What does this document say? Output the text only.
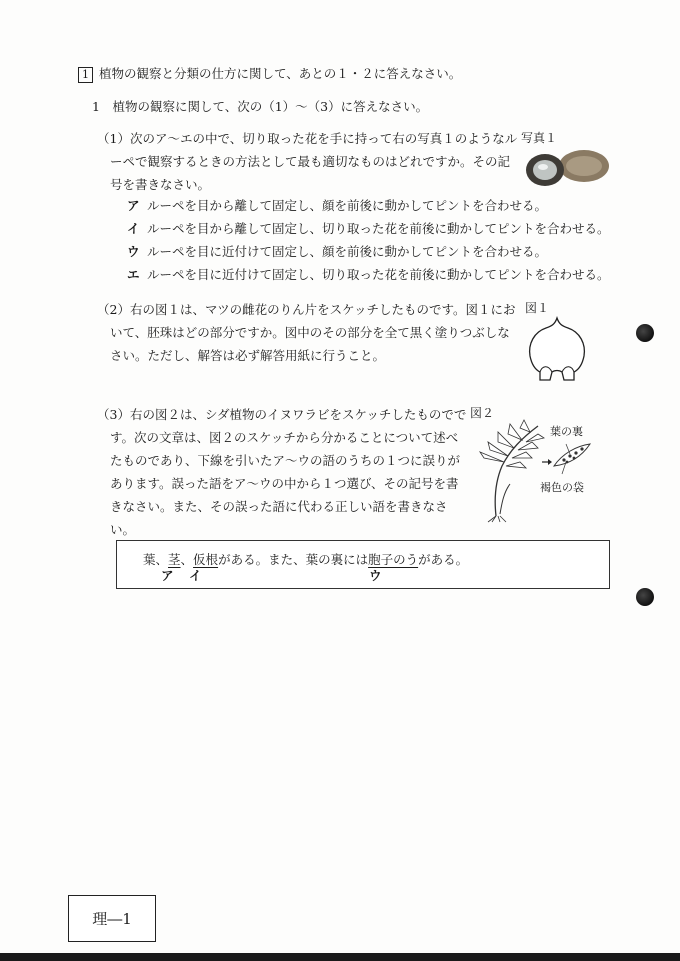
1 植物の観察と分類の仕方に関して、あとの１・２に答えなさい。
1　植物の観察に関して、次の（1）〜（3）に答えなさい。
（1）次のア〜エの中で、切り取った花を手に持って右の写真１のようなル
ーペで観察するときの方法として最も適切なものはどれですか。その記
号を書きなさい。
写真１
ア ルーペを目から離して固定し、顔を前後に動かしてピントを合わせる。
イ ルーペを目から離して固定し、切り取った花を前後に動かしてピントを合わせる。
ウ ルーペを目に近付けて固定し、顔を前後に動かしてピントを合わせる。
エ ルーペを目に近付けて固定し、切り取った花を前後に動かしてピントを合わせる。
（2）右の図１は、マツの雌花のりん片をスケッチしたものです。図１にお
いて、胚珠はどの部分ですか。図中のその部分を全て黒く塗りつぶしな
さい。ただし、解答は必ず解答用紙に行うこと。
図１
（3）右の図２は、シダ植物のイヌワラビをスケッチしたものでで
す。次の文章は、図２のスケッチから分かることについて述べ
たものであり、下線を引いたア〜ウの語のうちの１つに誤りが
あります。誤った語をア〜ウの中から１つ選び、その記号を書
きなさい。また、その誤った語に代わる正しい語を書きなさ
い。
図２
葉の裏
褐色の袋
葉、茎、仮根がある。また、葉の裏には胞子のうがある。
ア イ	ウ
理―1
